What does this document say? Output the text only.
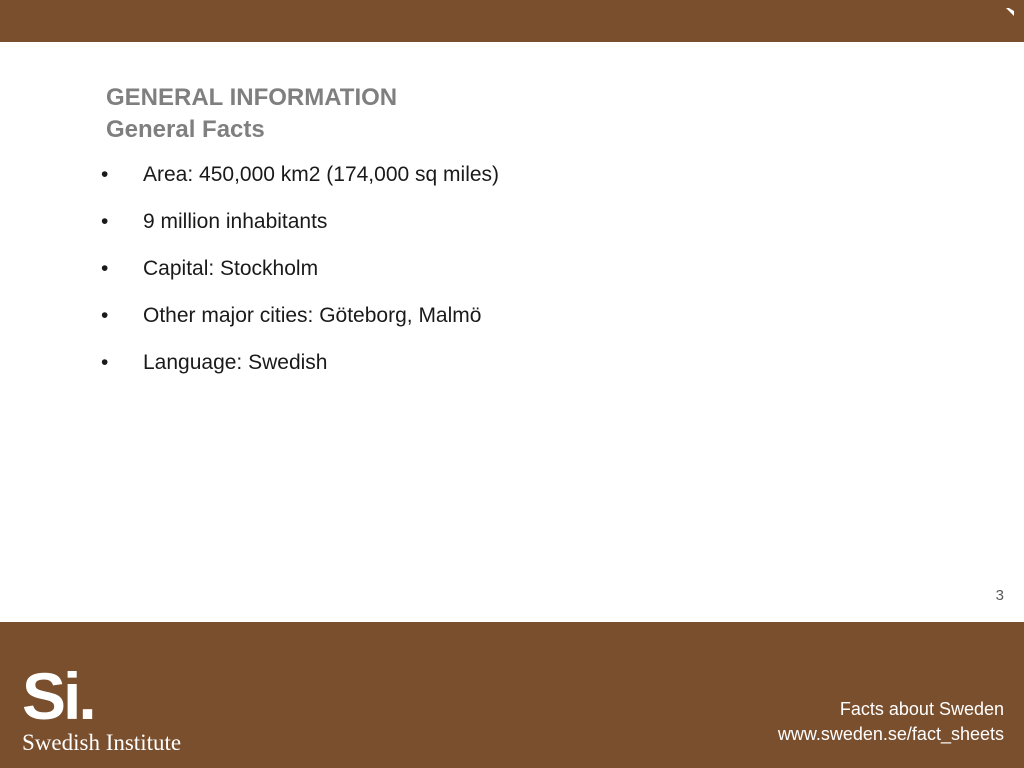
GENERAL INFORMATION
General Facts
•	Area: 450,000 km2 (174,000 sq miles)
•	9 million inhabitants
•	Capital: Stockholm
•	Other major cities: Göteborg, Malmö
•	Language: Swedish
3
Si.
Swedish Institute
Facts about Sweden
www.sweden.se/fact_sheets
